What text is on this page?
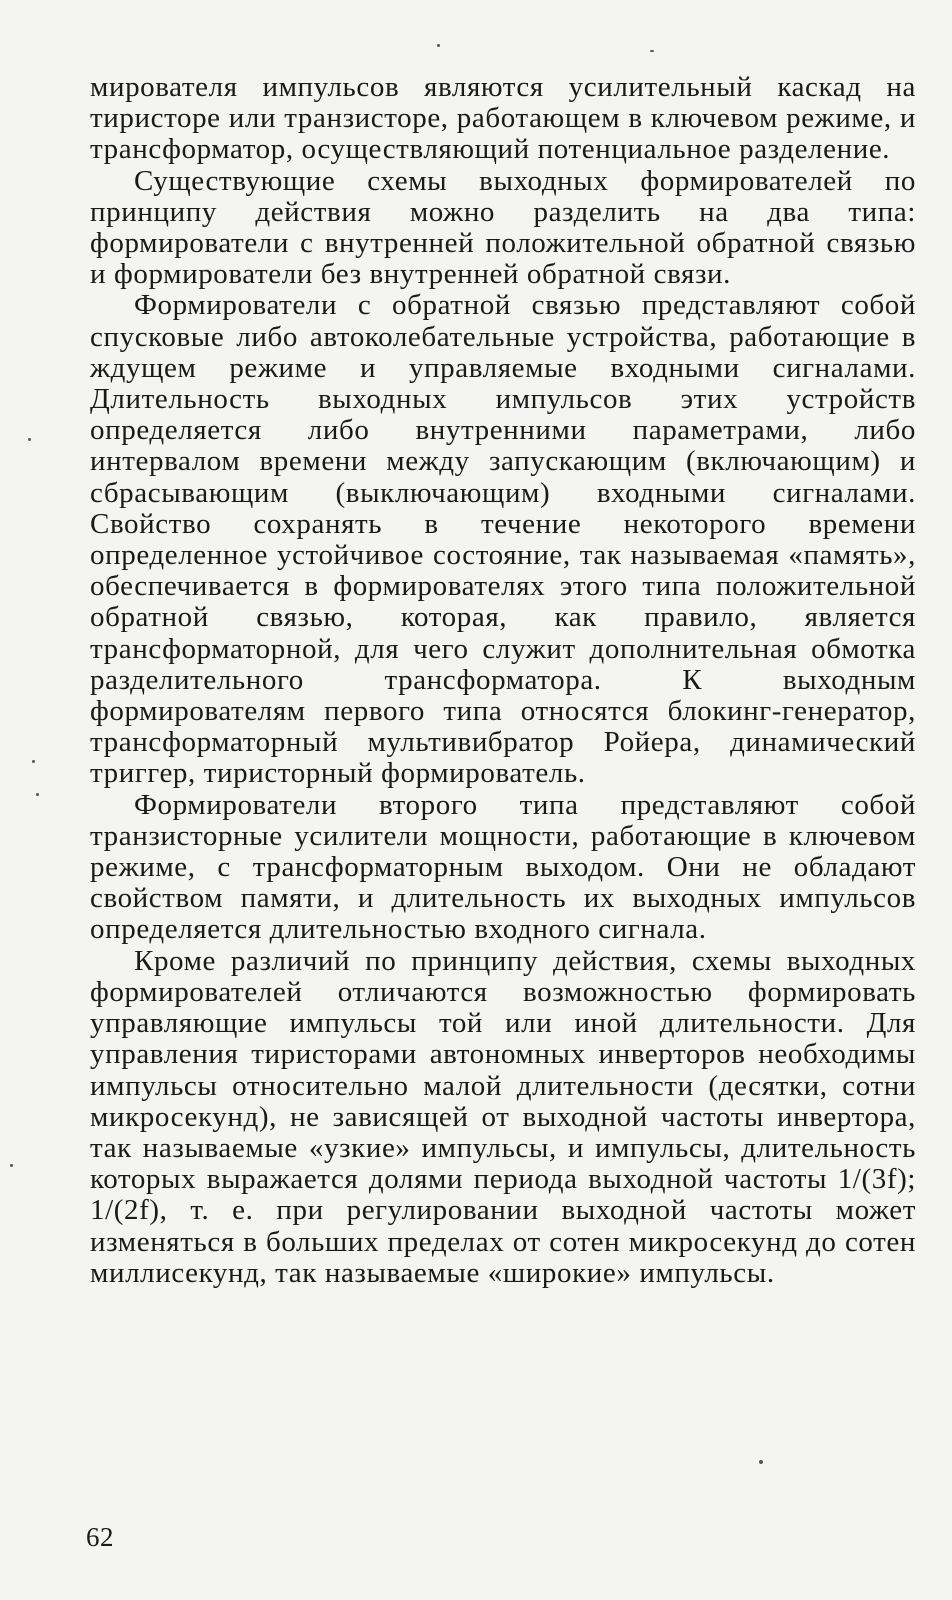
мирователя импульсов являются усилительный каскад на тиристоре или транзисторе, работающем в ключевом режиме, и трансформатор, осуществляющий потенциальное разделение.

Существующие схемы выходных формирователей по принципу действия можно разделить на два типа: формирователи с внутренней положительной обратной связью и формирователи без внутренней обратной связи.

Формирователи с обратной связью представляют собой спусковые либо автоколебательные устройства, работающие в ждущем режиме и управляемые входными сигналами. Длительность выходных импульсов этих устройств определяется либо внутренними параметрами, либо интервалом времени между запускающим (включающим) и сбрасывающим (выключающим) входными сигналами. Свойство сохранять в течение некоторого времени определенное устойчивое состояние, так называемая «память», обеспечивается в формирователях этого типа положительной обратной связью, которая, как правило, является трансформаторной, для чего служит дополнительная обмотка разделительного трансформатора. К выходным формирователям первого типа относятся блокинг-генератор, трансформаторный мультивибратор Ройера, динамический триггер, тиристорный формирователь.

Формирователи второго типа представляют собой транзисторные усилители мощности, работающие в ключевом режиме, с трансформаторным выходом. Они не обладают свойством памяти, и длительность их выходных импульсов определяется длительностью входного сигнала.

Кроме различий по принципу действия, схемы выходных формирователей отличаются возможностью формировать управляющие импульсы той или иной длительности. Для управления тиристорами автономных инверторов необходимы импульсы относительно малой длительности (десятки, сотни микросекунд), не зависящей от выходной частоты инвертора, так называемые «узкие» импульсы, и импульсы, длительность которых выражается долями периода выходной частоты 1/(3f); 1/(2f), т. е. при регулировании выходной частоты может изменяться в больших пределах от сотен микросекунд до сотен миллисекунд, так называемые «широкие» импульсы.

62
